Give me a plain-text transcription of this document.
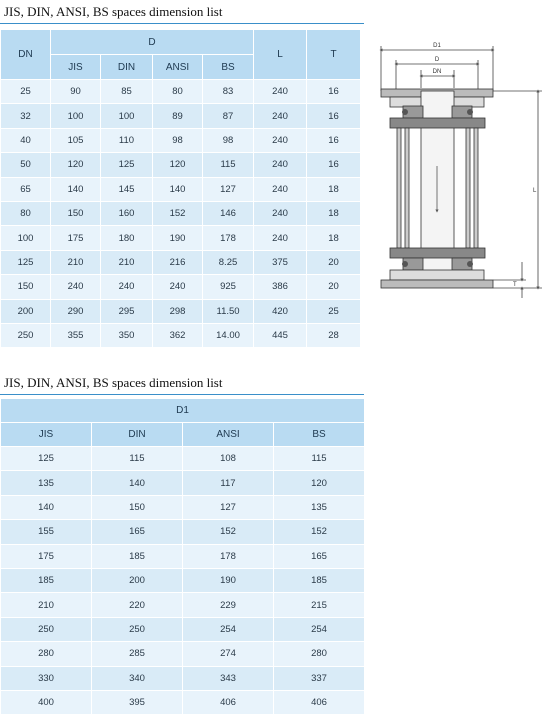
JIS, DIN, ANSI, BS spaces dimension list
DN	D				L	T
	JIS	DIN	ANSI	BS		
25	90	85	80	83	240	16
32	100	100	89	87	240	16
40	105	110	98	98	240	16
50	120	125	120	115	240	16
65	140	145	140	127	240	18
80	150	160	152	146	240	18
100	175	180	190	178	240	18
125	210	210	216	8.25	375	20
150	240	240	240	925	386	20
200	290	295	298	11.50	420	25
250	355	350	362	14.00	445	28
D1
D
DN
L
T
JIS, DIN, ANSI, BS spaces dimension list
D1			
JIS	DIN	ANSI	BS
125	115	108	115
135	140	117	120
140	150	127	135
155	165	152	152
175	185	178	165
185	200	190	185
210	220	229	215
250	250	254	254
280	285	274	280
330	340	343	337
400	395	406	406
